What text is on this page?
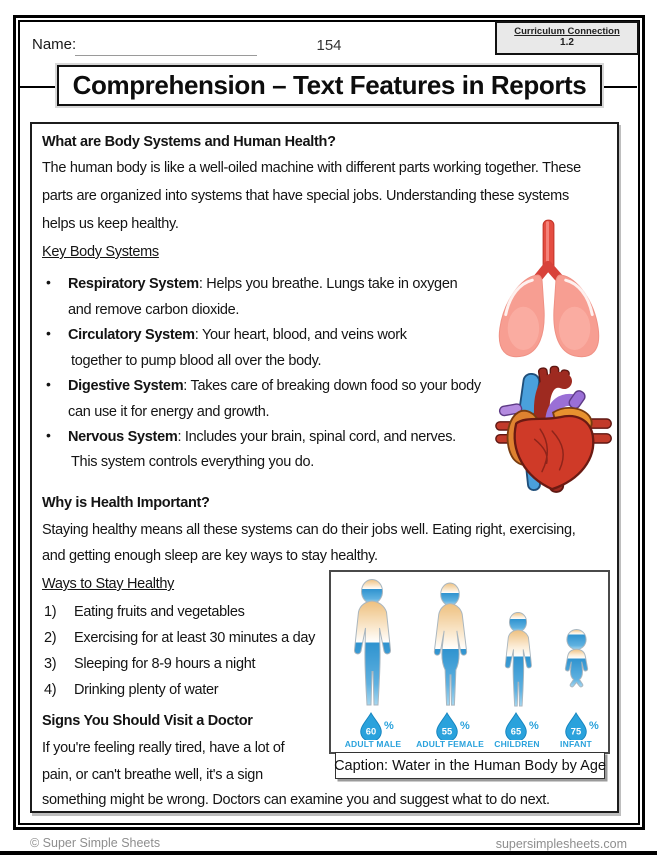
Name:	154
Curriculum Connection
1.2
Comprehension – Text Features in Reports
What are Body Systems and Human Health?
The human body is like a well-oiled machine with different parts working together. These
parts are organized into systems that have special jobs. Understanding these systems
helps us keep healthy.
Key Body Systems
• Respiratory System: Helps you breathe. Lungs take in oxygen
and remove carbon dioxide.
• Circulatory System: Your heart, blood, and veins work
together to pump blood all over the body.
• Digestive System: Takes care of breaking down food so your body
can use it for energy and growth.
• Nervous System: Includes your brain, spinal cord, and nerves.
This system controls everything you do.
Why is Health Important?
Staying healthy means all these systems can do their jobs well. Eating right, exercising,
and getting enough sleep are key ways to stay healthy.
Ways to Stay Healthy
1) Eating fruits and vegetables
2) Exercising for at least 30 minutes a day
3) Sleeping for 8-9 hours a night
4) Drinking plenty of water
Signs You Should Visit a Doctor
If you're feeling really tired, have a lot of
pain, or can't breathe well, it's a sign
something might be wrong. Doctors can examine you and suggest what to do next.
60 %	55 %	65 %	75 %
ADULT MALE	ADULT FEMALE	CHILDREN	INFANT
Caption: Water in the Human Body by Age
© Super Simple Sheets	supersimplesheets.com
